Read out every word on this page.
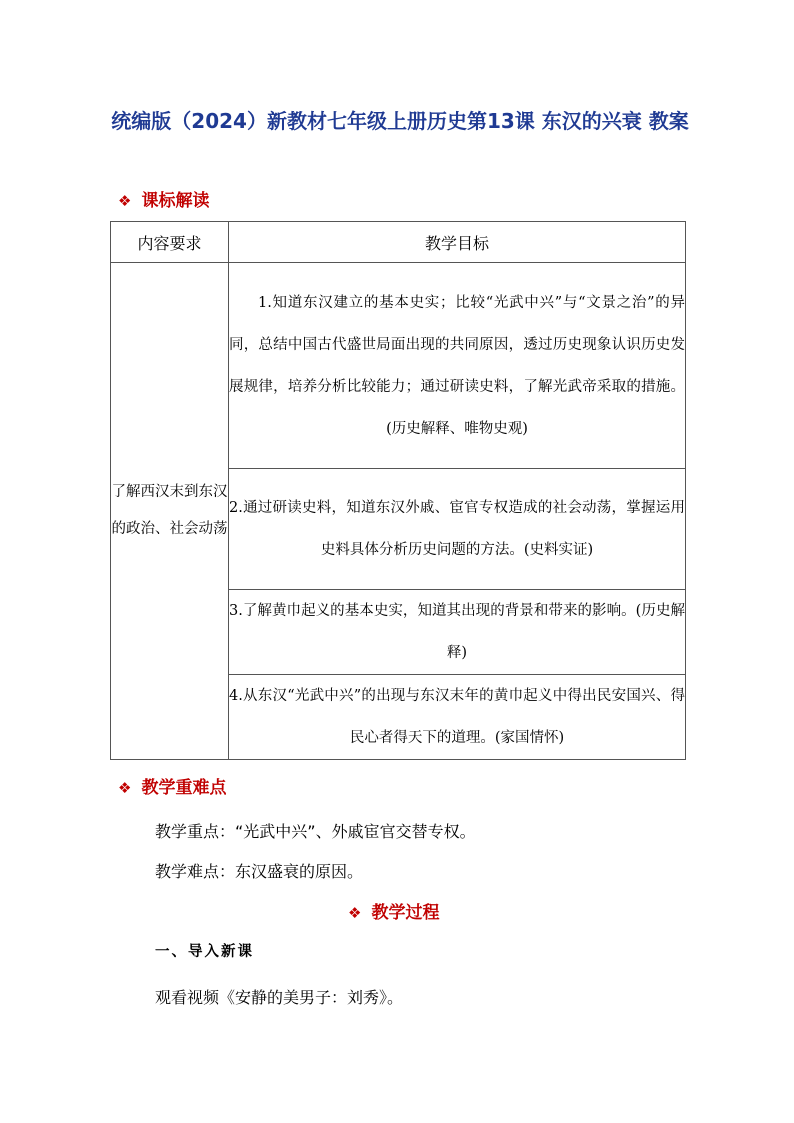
统编版（2024）新教材七年级上册历史第13课 东汉的兴衰 教案
❖ 课标解读
内容要求	教学目标
了解西汉末到东汉的政治、社会动荡	1.知道东汉建立的基本史实；比较“光武中兴”与“文景之治”的异同，总结中国古代盛世局面出现的共同原因，透过历史现象认识历史发展规律，培养分析比较能力；通过研读史料，了解光武帝采取的措施。(历史解释、唯物史观)
	2.通过研读史料，知道东汉外戚、宦官专权造成的社会动荡，掌握运用史料具体分析历史问题的方法。(史料实证)
	3.了解黄巾起义的基本史实，知道其出现的背景和带来的影响。(历史解释)
	4.从东汉“光武中兴”的出现与东汉末年的黄巾起义中得出民安国兴、得民心者得天下的道理。(家国情怀)
❖ 教学重难点
教学重点：“光武中兴”、外戚宦官交替专权。
教学难点：东汉盛衰的原因。
❖ 教学过程
一、导入新课
观看视频《安静的美男子：刘秀》。
